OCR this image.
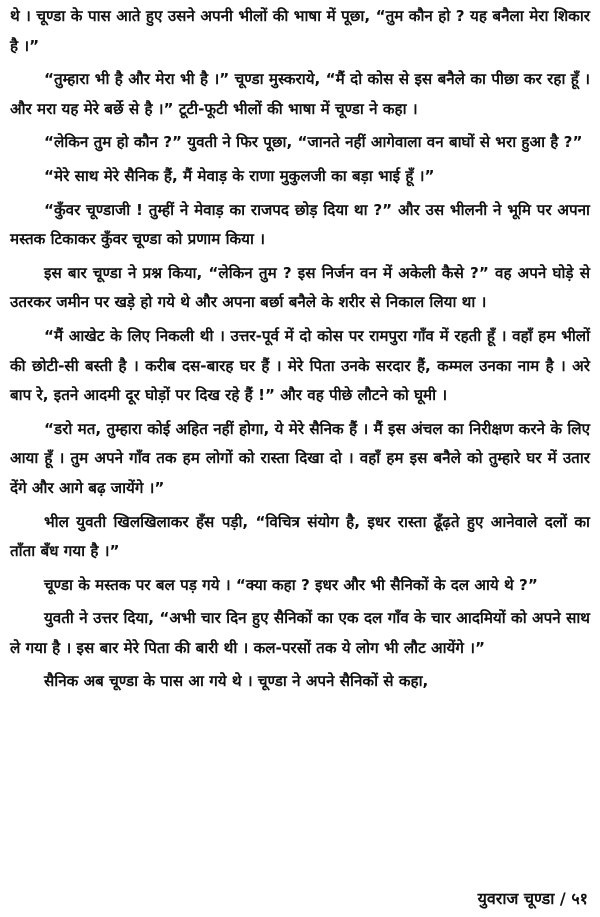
थे । चूण्डा के पास आते हुए उसने अपनी भीलों की भाषा में पूछा, “तुम कौन हो ? यह बनैला मेरा शिकार है ।”

“तुम्हारा भी है और मेरा भी है ।” चूण्डा मुस्कराये, “मैं दो कोस से इस बनैले का पीछा कर रहा हूँ । और मरा यह मेरे बर्छे से है ।” टूटी-फूटी भीलों की भाषा में चूण्डा ने कहा ।

“लेकिन तुम हो कौन ?” युवती ने फिर पूछा, “जानते नहीं आगेवाला वन बाघों से भरा हुआ है ?”

“मेरे साथ मेरे सैनिक हैं, मैं मेवाड़ के राणा मुकुलजी का बड़ा भाई हूँ ।”

“कुँवर चूण्डाजी ! तुम्हीं ने मेवाड़ का राजपद छोड़ दिया था ?” और उस भीलनी ने भूमि पर अपना मस्तक टिकाकर कुँवर चूण्डा को प्रणाम किया ।

इस बार चूण्डा ने प्रश्न किया, “लेकिन तुम ? इस निर्जन वन में अकेली कैसे ?” वह अपने घोड़े से उतरकर जमीन पर खड़े हो गये थे और अपना बर्छा बनैले के शरीर से निकाल लिया था ।

“मैं आखेट के लिए निकली थी । उत्तर-पूर्व में दो कोस पर रामपुरा गाँव में रहती हूँ । वहाँ हम भीलों की छोटी-सी बस्ती है । करीब दस-बारह घर हैं । मेरे पिता उनके सरदार हैं, कम्मल उनका नाम है । अरे बाप रे, इतने आदमी दूर घोड़ों पर दिख रहे हैं !” और वह पीछे लौटने को घूमी ।

“डरो मत, तुम्हारा कोई अहित नहीं होगा, ये मेरे सैनिक हैं । मैं इस अंचल का निरीक्षण करने के लिए आया हूँ । तुम अपने गाँव तक हम लोगों को रास्ता दिखा दो । वहाँ हम इस बनैले को तुम्हारे घर में उतार देंगे और आगे बढ़ जायेंगे ।”

भील युवती खिलखिलाकर हँस पड़ी, “विचित्र संयोग है, इधर रास्ता ढूँढ़ते हुए आनेवाले दलों का ताँता बँध गया है ।”

चूण्डा के मस्तक पर बल पड़ गये । “क्या कहा ? इधर और भी सैनिकों के दल आये थे ?”

युवती ने उत्तर दिया, “अभी चार दिन हुए सैनिकों का एक दल गाँव के चार आदमियों को अपने साथ ले गया है । इस बार मेरे पिता की बारी थी । कल-परसों तक ये लोग भी लौट आयेंगे ।”

सैनिक अब चूण्डा के पास आ गये थे । चूण्डा ने अपने सैनिकों से कहा,

युवराज चूण्डा / ५१
